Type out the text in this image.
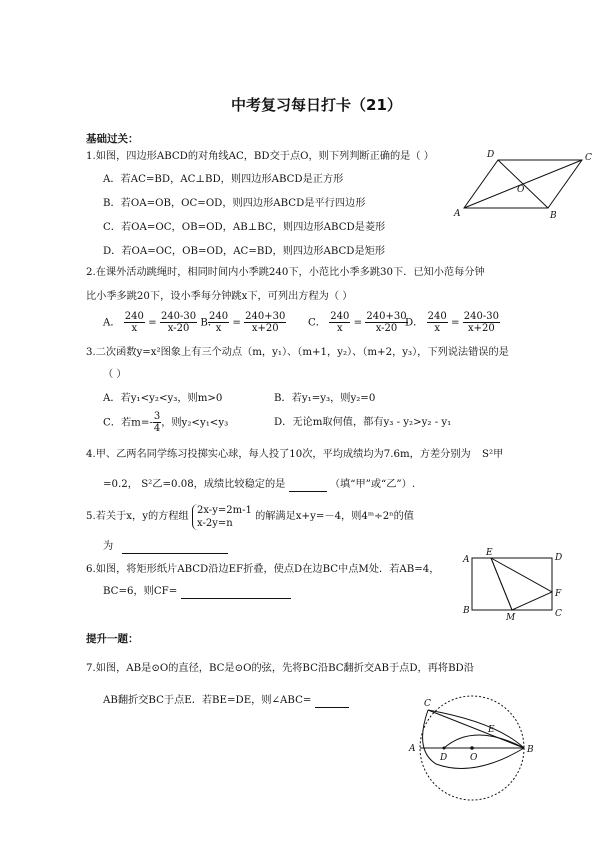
中考复习每日打卡（21）
基础过关：
1.如图，四边形ABCD的对角线AC，BD交于点O，则下列判断正确的是（ ）
A．若AC=BD，AC⊥BD，则四边形ABCD是正方形
B．若OA=OB，OC=OD，则四边形ABCD是平行四边形
C．若OA=OC，OB=OD，AB⊥BC，则四边形ABCD是菱形
D．若OA=OC，OB=OD，AC=BD，则四边形ABCD是矩形
D	C
O
A	B
2.在课外活动跳绳时，相同时间内小季跳240下，小范比小季多跳30下．已知小范每分钟
比小季多跳20下，设小季每分钟跳x下，可列出方程为（ ）
A． $\frac{240}{x} = \frac{240-30}{x-20}$ B．
$\frac{240}{x} = \frac{240+30}{x+20}$ C． $\frac{240}{x} = \frac{240+30}{x-20}$
D． $\frac{240}{x} = \frac{240-30}{x+20}$
3.二次函数y=x²图象上有三个动点（m，y₁）、（m+1，y₂）、（m+2，y₃），下列说法错误的是
（ ）
A．若y₁<y₂<y₃，则m>0	B．若y₁=y₃，则y₂=0
C．若$m=- \frac{3}{4}$ ，则y₂<y₁<y₃	D．无论m取何值，都有y₃ - y₂>y₂ - y₁
4.甲、乙两名同学练习投掷实心球，每人投了10次，平均成绩均为7.6m，方差分别为 S²甲
=0.2， S²乙=0.08，成绩比较稳定的是	（填“甲”或“乙”）.
5.若关于x，y的方程组
2x-y=2m-1
x-2y=n
的解满足x+y=－4，则4ᵐ÷2ⁿ的值
为
6.如图，将矩形纸片ABCD沿边EF折叠，使点D在边BC中点M处．若AB=4，
BC=6，则CF=
A
E	D
F
B
M	C
提升一题：
7.如图，AB是⊙O的直径，BC是⊙O的弦，先将BC沿BC翻折交AB于点D，再将BD沿
AB翻折交BC于点E．若BE=DE，则∠ABC=	C
E
A
D	O
B
